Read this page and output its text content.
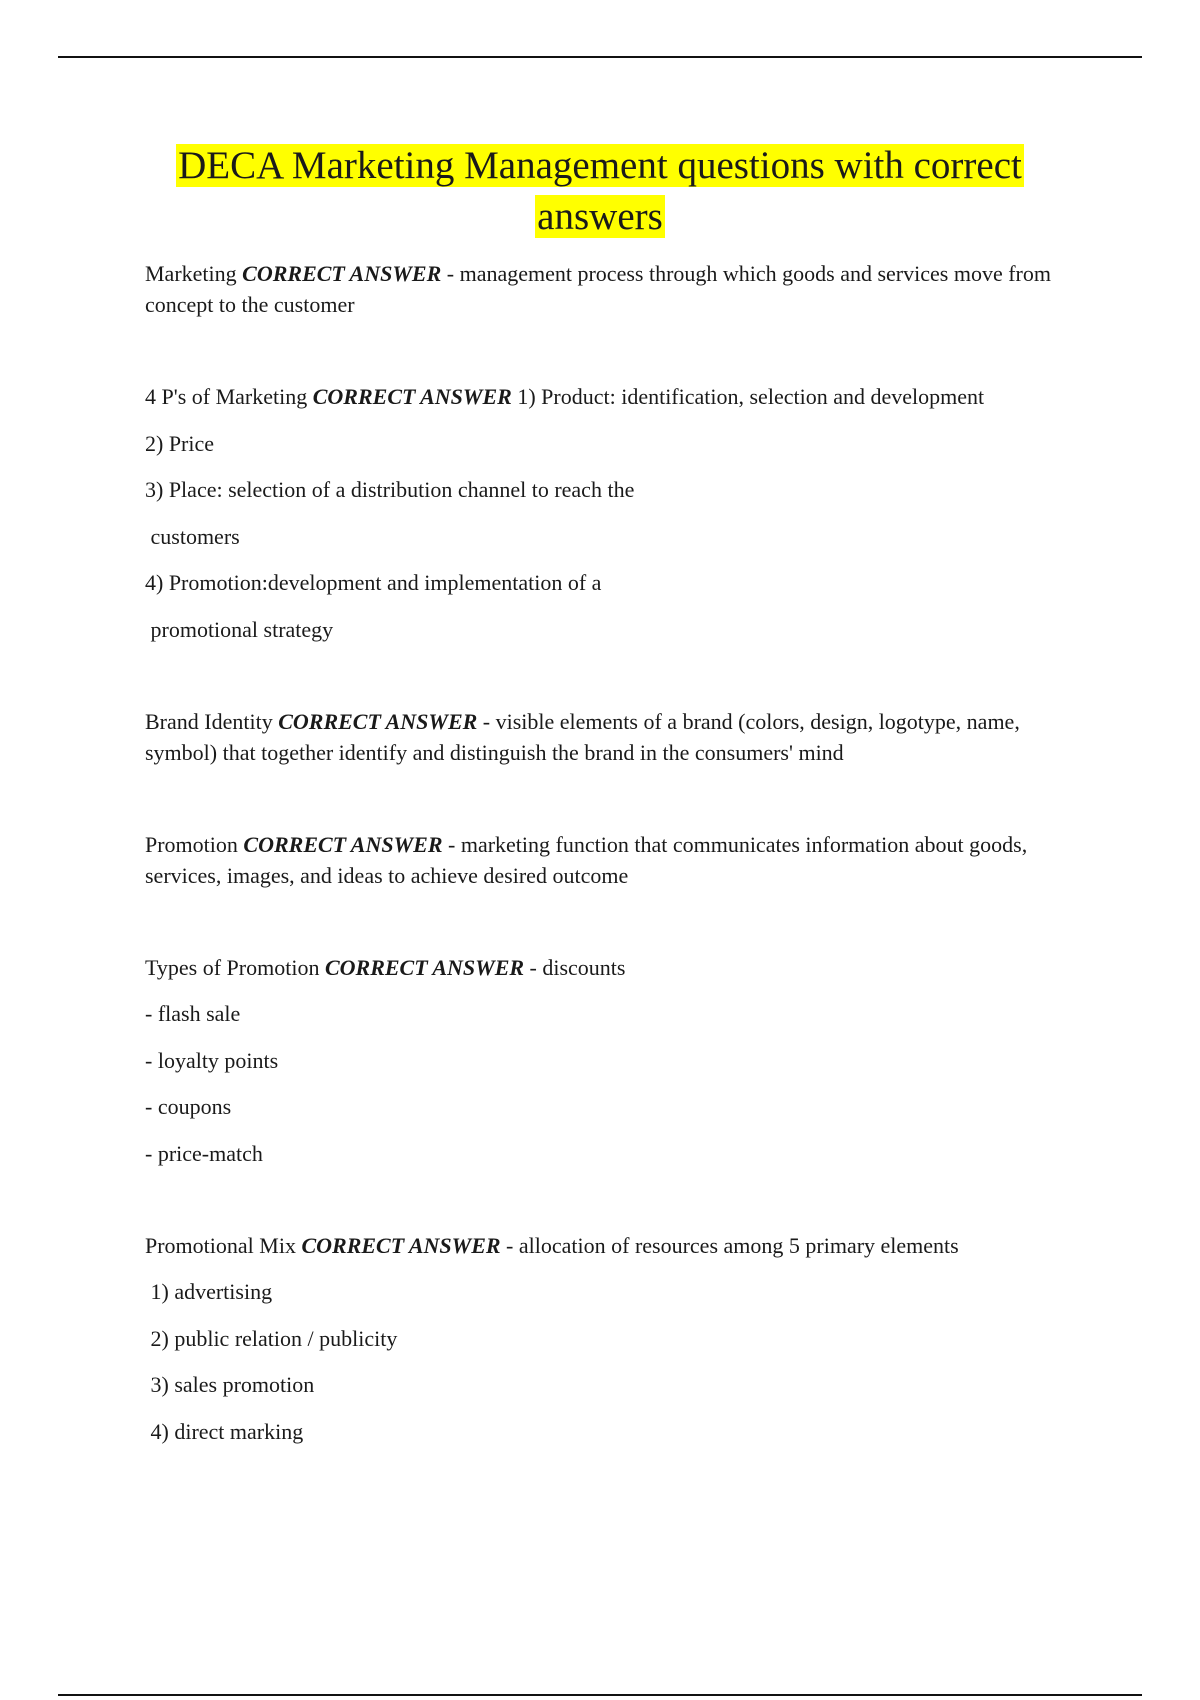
DECA Marketing Management questions with correct
answers

Marketing CORRECT ANSWER - management process through which goods and services move from concept to the customer

4 P's of Marketing CORRECT ANSWER 1) Product: identification, selection and development

2) Price

3) Place: selection of a distribution channel to reach the

customers

4) Promotion:development and implementation of a

promotional strategy

Brand Identity CORRECT ANSWER - visible elements of a brand (colors, design, logotype, name, symbol) that together identify and distinguish the brand in the consumers' mind

Promotion CORRECT ANSWER - marketing function that communicates information about goods, services, images, and ideas to achieve desired outcome

Types of Promotion CORRECT ANSWER - discounts

- flash sale

- loyalty points

- coupons

- price-match

Promotional Mix CORRECT ANSWER - allocation of resources among 5 primary elements

1) advertising

2) public relation / publicity

3) sales promotion

4) direct marking
